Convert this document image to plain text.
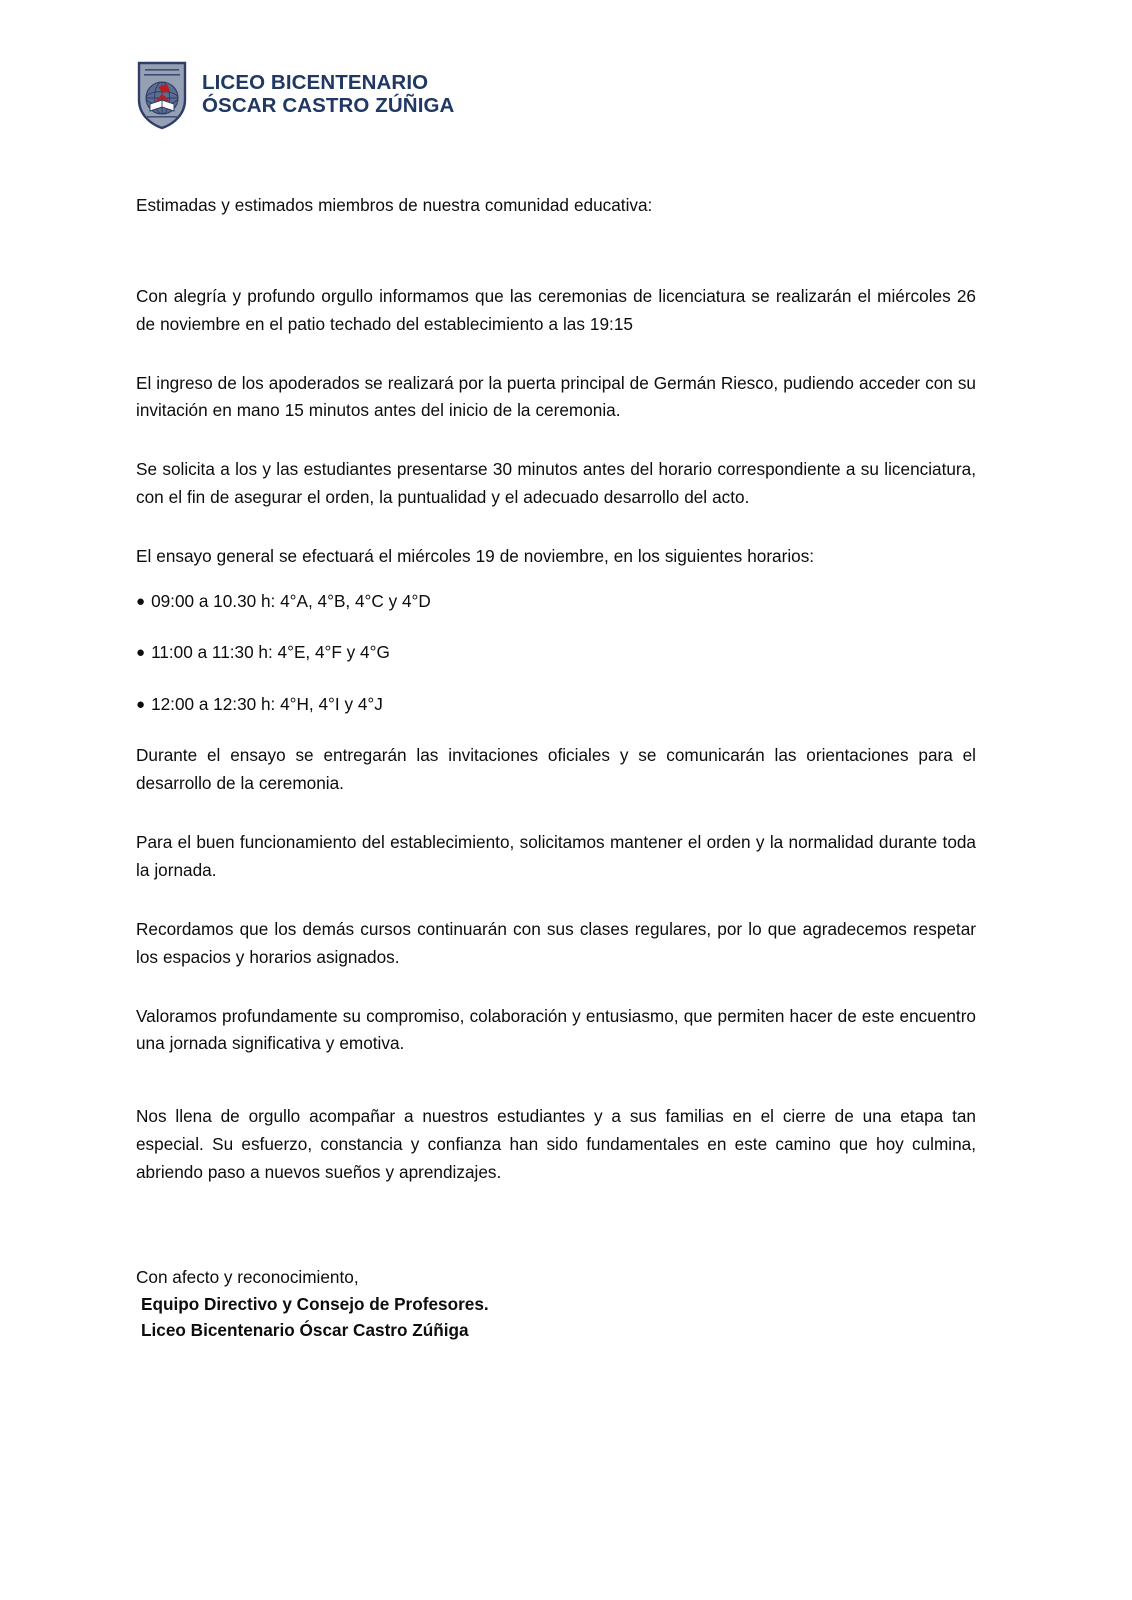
LICEO BICENTENARIO
ÓSCAR CASTRO ZÚÑIGA

Estimadas y estimados miembros de nuestra comunidad educativa:

Con alegría y profundo orgullo informamos que las ceremonias de licenciatura se realizarán el miércoles 26 de noviembre en el patio techado del establecimiento a las 19:15

El ingreso de los apoderados se realizará por la puerta principal de Germán Riesco, pudiendo acceder con su invitación en mano 15 minutos antes del inicio de la ceremonia.

Se solicita a los y las estudiantes presentarse 30 minutos antes del horario correspondiente a su licenciatura, con el fin de asegurar el orden, la puntualidad y el adecuado desarrollo del acto.

El ensayo general se efectuará el miércoles 19 de noviembre, en los siguientes horarios:

● 09:00 a 10.30 h: 4°A, 4°B, 4°C y 4°D
● 11:00 a 11:30 h: 4°E, 4°F y 4°G
● 12:00 a 12:30 h: 4°H, 4°I y 4°J

Durante el ensayo se entregarán las invitaciones oficiales y se comunicarán las orientaciones para el desarrollo de la ceremonia.

Para el buen funcionamiento del establecimiento, solicitamos mantener el orden y la normalidad durante toda la jornada.

Recordamos que los demás cursos continuarán con sus clases regulares, por lo que agradecemos respetar los espacios y horarios asignados.

Valoramos profundamente su compromiso, colaboración y entusiasmo, que permiten hacer de este encuentro una jornada significativa y emotiva.

Nos llena de orgullo acompañar a nuestros estudiantes y a sus familias en el cierre de una etapa tan especial. Su esfuerzo, constancia y confianza han sido fundamentales en este camino que hoy culmina, abriendo paso a nuevos sueños y aprendizajes.

Con afecto y reconocimiento,

Equipo Directivo y Consejo de Profesores.

Liceo Bicentenario Óscar Castro Zúñiga
